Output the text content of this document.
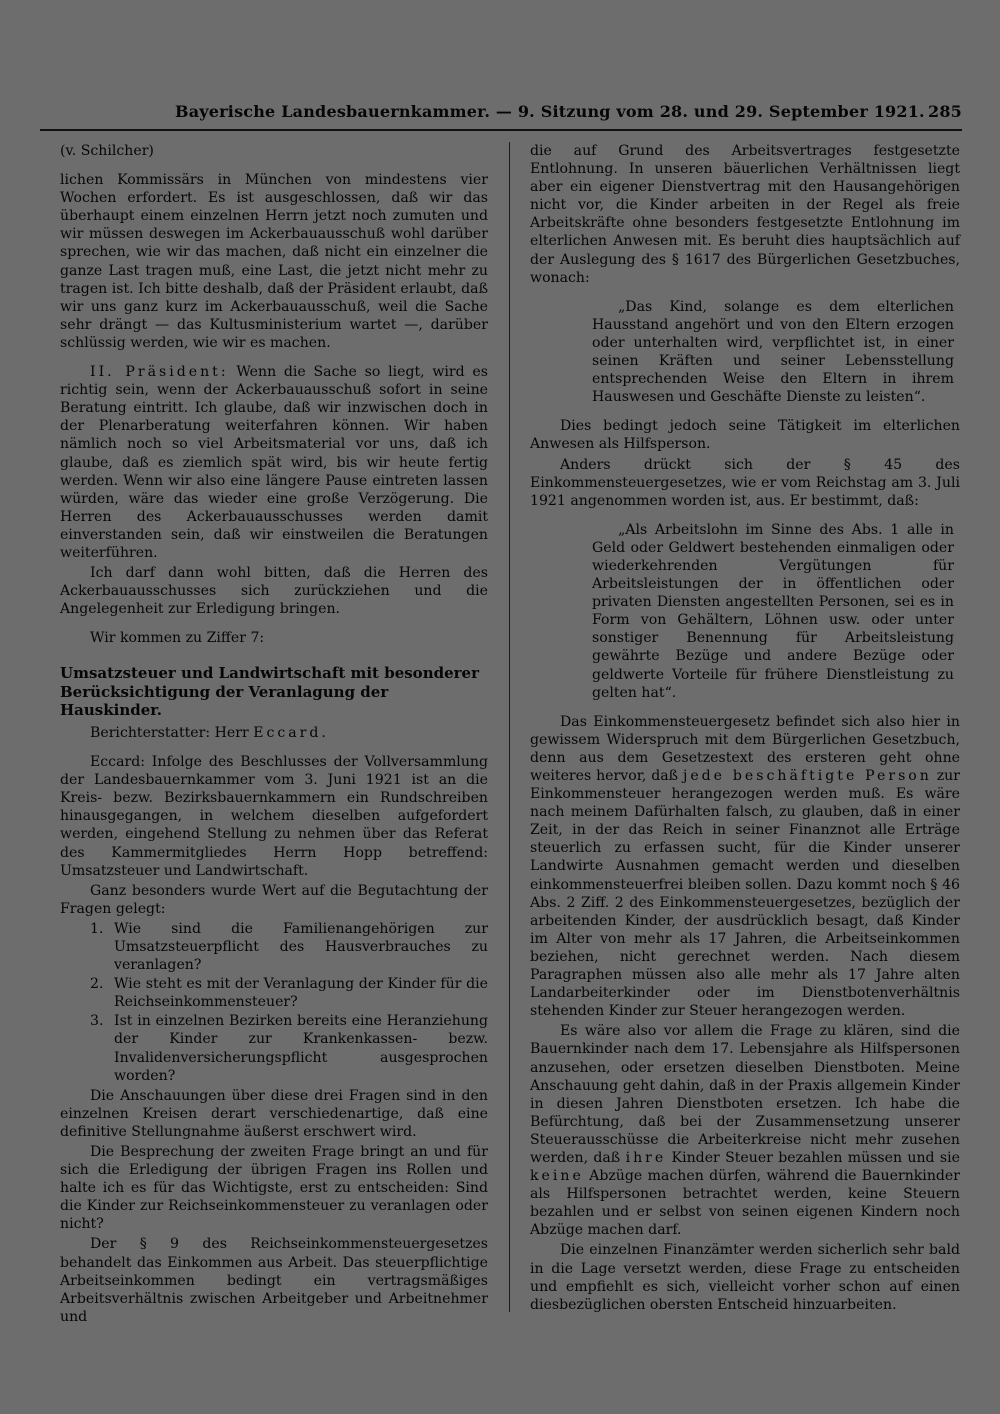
Bayerische Landesbauernkammer. — 9. Sitzung vom 28. und 29. September 1921. 285

(v. Schilcher)

lichen Kommissärs in München von mindestens vier Wochen erfordert. Es ist ausgeschlossen, daß wir das überhaupt einem einzelnen Herrn jetzt noch zumuten und wir müssen deswegen im Ackerbauausschuß wohl darüber sprechen, wie wir das machen, daß nicht ein einzelner die ganze Last tragen muß, eine Last, die jetzt nicht mehr zu tragen ist. Ich bitte deshalb, daß der Präsident erlaubt, daß wir uns ganz kurz im Ackerbauausschuß, weil die Sache sehr drängt — das Kultusministerium wartet —, darüber schlüssig werden, wie wir es machen.

II. Präsident: Wenn die Sache so liegt, wird es richtig sein, wenn der Ackerbauausschuß sofort in seine Beratung eintritt. Ich glaube, daß wir inzwischen doch in der Plenarberatung weiterfahren können. Wir haben nämlich noch so viel Arbeitsmaterial vor uns, daß ich glaube, daß es ziemlich spät wird, bis wir heute fertig werden. Wenn wir also eine längere Pause eintreten lassen würden, wäre das wieder eine große Verzögerung. Die Herren des Ackerbauausschusses werden damit einverstanden sein, daß wir einstweilen die Beratungen weiterführen.

Ich darf dann wohl bitten, daß die Herren des Ackerbauausschusses sich zurückziehen und die Angelegenheit zur Erledigung bringen.

Wir kommen zu Ziffer 7:

Umsatzsteuer und Landwirtschaft mit besonderer Berücksichtigung der Veranlagung der Hauskinder.

Berichterstatter: Herr Eccard.

Eccard: Infolge des Beschlusses der Vollversammlung der Landesbauernkammer vom 3. Juni 1921 ist an die Kreis- bezw. Bezirksbauernkammern ein Rundschreiben hinausgegangen, in welchem dieselben aufgefordert werden, eingehend Stellung zu nehmen über das Referat des Kammermitgliedes Herrn Hopp betreffend: Umsatzsteuer und Landwirtschaft.

Ganz besonders wurde Wert auf die Begutachtung der Fragen gelegt:

1. Wie sind die Familienangehörigen zur Umsatzsteuerpflicht des Hausverbrauches zu veranlagen?
2. Wie steht es mit der Veranlagung der Kinder für die Reichseinkommensteuer?
3. Ist in einzelnen Bezirken bereits eine Heranziehung der Kinder zur Krankenkassen- bezw. Invalidenversicherungspflicht ausgesprochen worden?

Die Anschauungen über diese drei Fragen sind in den einzelnen Kreisen derart verschiedenartige, daß eine definitive Stellungnahme äußerst erschwert wird.

Die Besprechung der zweiten Frage bringt an und für sich die Erledigung der übrigen Fragen ins Rollen und halte ich es für das Wichtigste, erst zu entscheiden: Sind die Kinder zur Reichseinkommensteuer zu veranlagen oder nicht?

Der § 9 des Reichseinkommensteuergesetzes behandelt das Einkommen aus Arbeit. Das steuerpflichtige Arbeitseinkommen bedingt ein vertragsmäßiges Arbeitsverhältnis zwischen Arbeitgeber und Arbeitnehmer und

die auf Grund des Arbeitsvertrages festgesetzte Entlohnung. In unseren bäuerlichen Verhältnissen liegt aber ein eigener Dienstvertrag mit den Hausangehörigen nicht vor, die Kinder arbeiten in der Regel als freie Arbeitskräfte ohne besonders festgesetzte Entlohnung im elterlichen Anwesen mit. Es beruht dies hauptsächlich auf der Auslegung des § 1617 des Bürgerlichen Gesetzbuches, wonach:

„Das Kind, solange es dem elterlichen Hausstand angehört und von den Eltern erzogen oder unterhalten wird, verpflichtet ist, in einer seinen Kräften und seiner Lebensstellung entsprechenden Weise den Eltern in ihrem Hauswesen und Geschäfte Dienste zu leisten“.

Dies bedingt jedoch seine Tätigkeit im elterlichen Anwesen als Hilfsperson.

Anders drückt sich der § 45 des Einkommensteuergesetzes, wie er vom Reichstag am 3. Juli 1921 angenommen worden ist, aus. Er bestimmt, daß:

„Als Arbeitslohn im Sinne des Abs. 1 alle in Geld oder Geldwert bestehenden einmaligen oder wiederkehrenden Vergütungen für Arbeitsleistungen der in öffentlichen oder privaten Diensten angestellten Personen, sei es in Form von Gehältern, Löhnen usw. oder unter sonstiger Benennung für Arbeitsleistung gewährte Bezüge und andere Bezüge oder geldwerte Vorteile für frühere Dienstleistung zu gelten hat“.

Das Einkommensteuergesetz befindet sich also hier in gewissem Widerspruch mit dem Bürgerlichen Gesetzbuch, denn aus dem Gesetzestext des ersteren geht ohne weiteres hervor, daß jede beschäftigte Person zur Einkommensteuer herangezogen werden muß. Es wäre nach meinem Dafürhalten falsch, zu glauben, daß in einer Zeit, in der das Reich in seiner Finanznot alle Erträge steuerlich zu erfassen sucht, für die Kinder unserer Landwirte Ausnahmen gemacht werden und dieselben einkommensteuerfrei bleiben sollen. Dazu kommt noch § 46 Abs. 2 Ziff. 2 des Einkommensteuergesetzes, bezüglich der arbeitenden Kinder, der ausdrücklich besagt, daß Kinder im Alter von mehr als 17 Jahren, die Arbeitseinkommen beziehen, nicht gerechnet werden. Nach diesem Paragraphen müssen also alle mehr als 17 Jahre alten Landarbeiterkinder oder im Dienstbotenverhältnis stehenden Kinder zur Steuer herangezogen werden.

Es wäre also vor allem die Frage zu klären, sind die Bauernkinder nach dem 17. Lebensjahre als Hilfspersonen anzusehen, oder ersetzen dieselben Dienstboten. Meine Anschauung geht dahin, daß in der Praxis allgemein Kinder in diesen Jahren Dienstboten ersetzen. Ich habe die Befürchtung, daß bei der Zusammensetzung unserer Steuerausschüsse die Arbeiterkreise nicht mehr zusehen werden, daß ihre Kinder Steuer bezahlen müssen und sie keine Abzüge machen dürfen, während die Bauernkinder als Hilfspersonen betrachtet werden, keine Steuern bezahlen und er selbst von seinen eigenen Kindern noch Abzüge machen darf.

Die einzelnen Finanzämter werden sicherlich sehr bald in die Lage versetzt werden, diese Frage zu entscheiden und empfiehlt es sich, vielleicht vorher schon auf einen diesbezüglichen obersten Entscheid hinzuarbeiten.
